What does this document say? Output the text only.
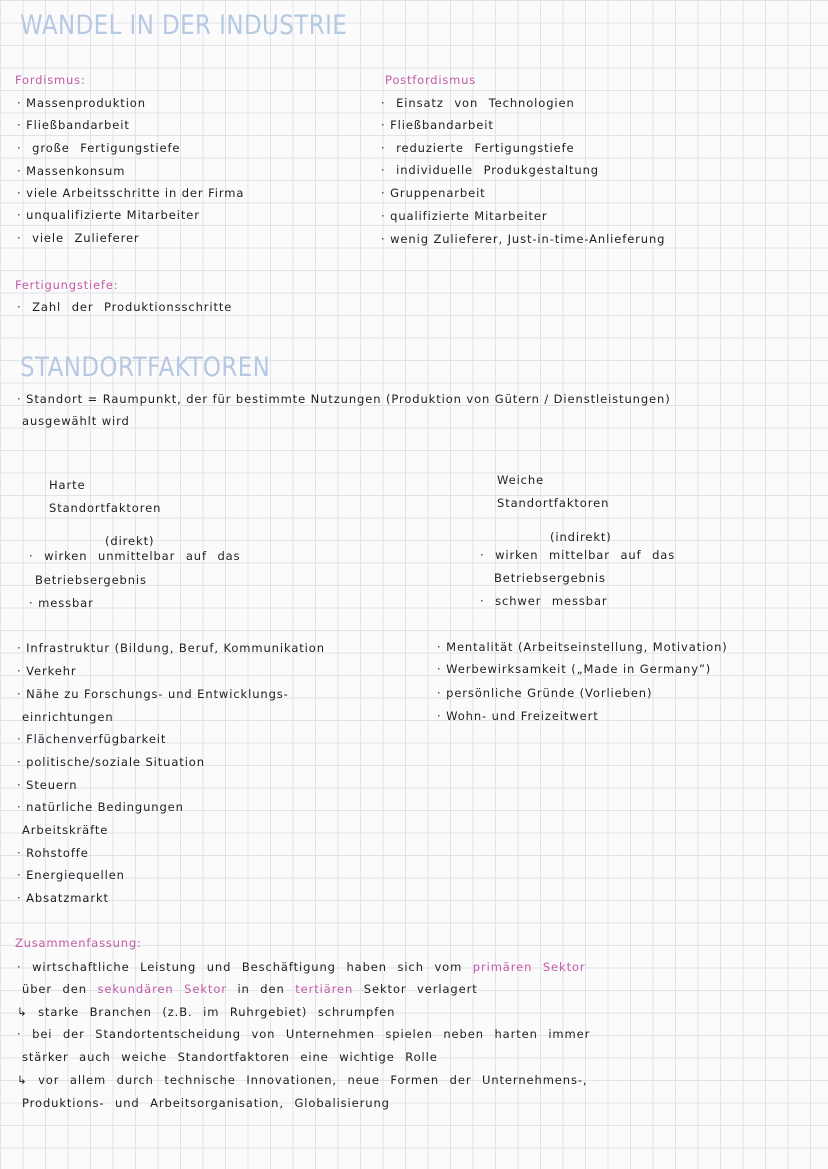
WANDEL IN DER INDUSTRIE
Fordismus:
· Massenproduktion
· Fließbandarbeit
· große Fertigungstiefe
· Massenkonsum
· viele Arbeitsschritte in der Firma
· unqualifizierte Mitarbeiter
· viele Zulieferer
Postfordismus
· Einsatz von Technologien
· Fließbandarbeit
· reduzierte Fertigungstiefe
· individuelle Produkgestaltung
· Gruppenarbeit
· qualifizierte Mitarbeiter
· wenig Zulieferer, Just-in-time-Anlieferung
Fertigungstiefe:
· Zahl der Produktionsschritte
STANDORTFAKTOREN
· Standort = Raumpunkt, der für bestimmte Nutzungen (Produktion von Gütern / Dienstleistungen)
ausgewählt wird
Harte
Standortfaktoren
(direkt)
· wirken unmittelbar auf das
Betriebsergebnis
· messbar
Weiche
Standortfaktoren
(indirekt)
· wirken mittelbar auf das
Betriebsergebnis
· schwer messbar
· Infrastruktur (Bildung, Beruf, Kommunikation
· Verkehr
· Nähe zu Forschungs- und Entwicklungs-
einrichtungen
· Flächenverfügbarkeit
· politische/soziale Situation
· Steuern
· natürliche Bedingungen
Arbeitskräfte
· Rohstoffe
· Energiequellen
· Absatzmarkt
· Mentalität (Arbeitseinstellung, Motivation)
· Werbewirksamkeit („Made in Germany”)
· persönliche Gründe (Vorlieben)
· Wohn- und Freizeitwert
Zusammenfassung:
· wirtschaftliche Leistung und Beschäftigung haben sich vom primären Sektor
über den sekundären Sektor in den tertiären Sektor verlagert
↳ starke Branchen (z.B. im Ruhrgebiet) schrumpfen
· bei der Standortentscheidung von Unternehmen spielen neben harten immer
stärker auch weiche Standortfaktoren eine wichtige Rolle
↳ vor allem durch technische Innovationen, neue Formen der Unternehmens-,
Produktions- und Arbeitsorganisation, Globalisierung
